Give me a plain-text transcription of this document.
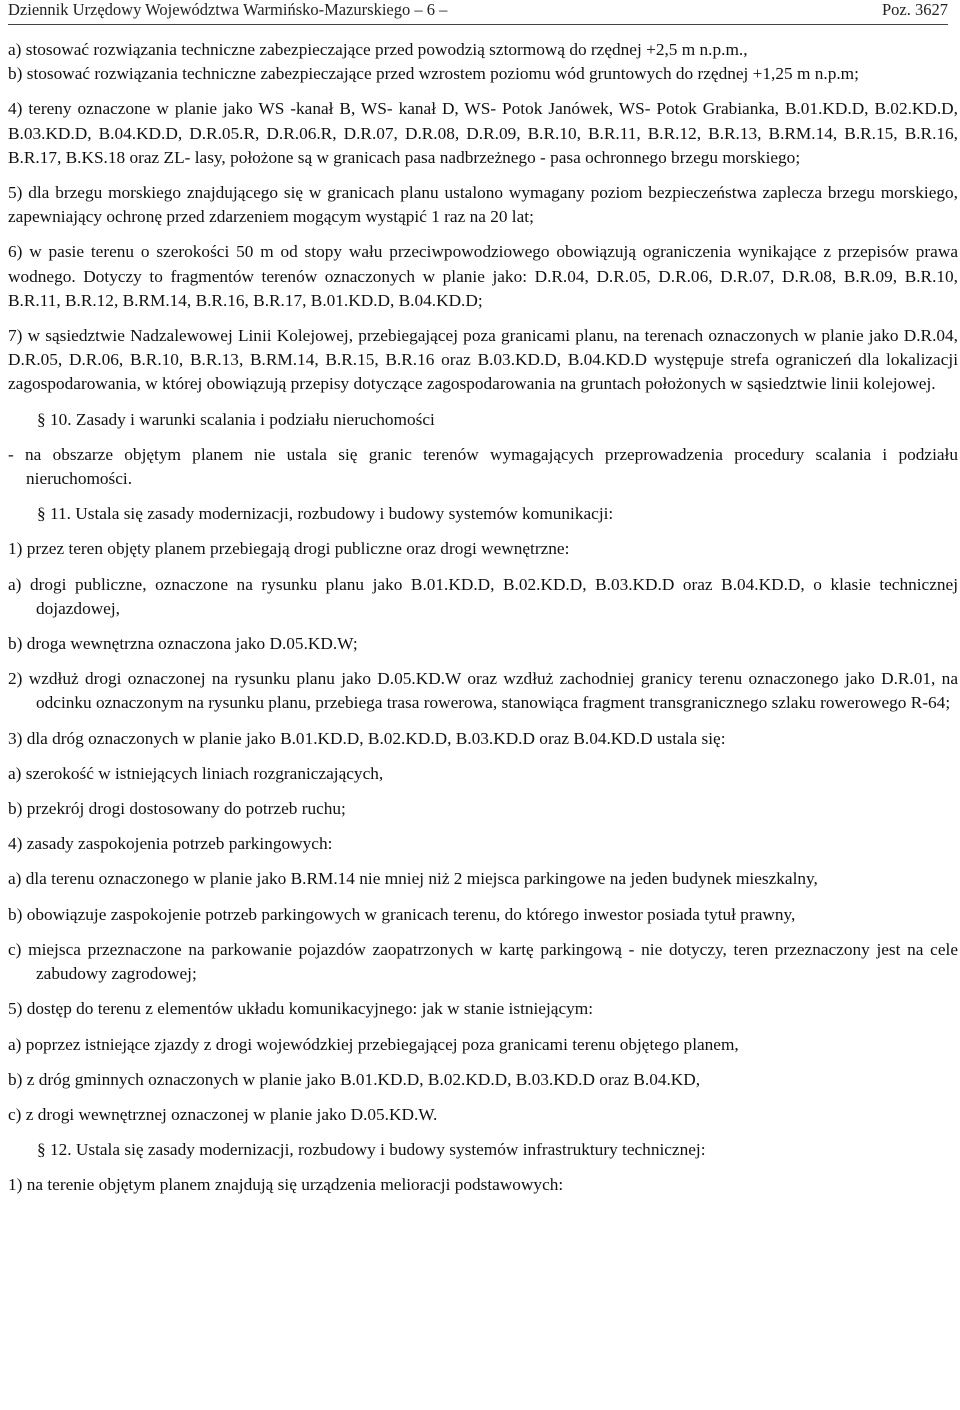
Dziennik Urzędowy Województwa Warmińsko-Mazurskiego – 6 –	Poz. 3627

a) stosować rozwiązania techniczne zabezpieczające przed powodzią sztormową do rzędnej +2,5 m n.p.m.,

b) stosować rozwiązania techniczne zabezpieczające przed wzrostem poziomu wód gruntowych do rzędnej +1,25 m n.p.m;

4) tereny oznaczone w planie jako WS -kanał B, WS- kanał D, WS- Potok Janówek, WS- Potok Grabianka, B.01.KD.D, B.02.KD.D, B.03.KD.D, B.04.KD.D, D.R.05.R, D.R.06.R, D.R.07, D.R.08, D.R.09, B.R.10, B.R.11, B.R.12, B.R.13, B.RM.14, B.R.15, B.R.16, B.R.17, B.KS.18 oraz ZL- lasy, położone są w granicach pasa nadbrzeżnego - pasa ochronnego brzegu morskiego;

5) dla brzegu morskiego znajdującego się w granicach planu ustalono wymagany poziom bezpieczeństwa zaplecza brzegu morskiego, zapewniający ochronę przed zdarzeniem mogącym wystąpić 1 raz na 20 lat;

6) w pasie terenu o szerokości 50 m od stopy wału przeciwpowodziowego obowiązują ograniczenia wynikające z przepisów prawa wodnego. Dotyczy to fragmentów terenów oznaczonych w planie jako: D.R.04, D.R.05, D.R.06, D.R.07, D.R.08, B.R.09, B.R.10, B.R.11, B.R.12, B.RM.14, B.R.16, B.R.17, B.01.KD.D, B.04.KD.D;

7) w sąsiedztwie Nadzalewowej Linii Kolejowej, przebiegającej poza granicami planu, na terenach oznaczonych w planie jako D.R.04, D.R.05, D.R.06, B.R.10, B.R.13, B.RM.14, B.R.15, B.R.16 oraz B.03.KD.D, B.04.KD.D występuje strefa ograniczeń dla lokalizacji zagospodarowania, w której obowiązują przepisy dotyczące zagospodarowania na gruntach położonych w sąsiedztwie linii kolejowej.

§ 10. Zasady i warunki scalania i podziału nieruchomości

- na obszarze objętym planem nie ustala się granic terenów wymagających przeprowadzenia procedury scalania i podziału nieruchomości.

§ 11. Ustala się zasady modernizacji, rozbudowy i budowy systemów komunikacji:

1) przez teren objęty planem przebiegają drogi publiczne oraz drogi wewnętrzne:

a) drogi publiczne, oznaczone na rysunku planu jako B.01.KD.D, B.02.KD.D, B.03.KD.D oraz B.04.KD.D, o klasie technicznej dojazdowej,

b) droga wewnętrzna oznaczona jako D.05.KD.W;

2) wzdłuż drogi oznaczonej na rysunku planu jako D.05.KD.W oraz wzdłuż zachodniej granicy terenu oznaczonego jako D.R.01, na odcinku oznaczonym na rysunku planu, przebiega trasa rowerowa, stanowiąca fragment transgranicznego szlaku rowerowego R-64;

3) dla dróg oznaczonych w planie jako B.01.KD.D, B.02.KD.D, B.03.KD.D oraz B.04.KD.D ustala się:

a) szerokość w istniejących liniach rozgraniczających,

b) przekrój drogi dostosowany do potrzeb ruchu;

4) zasady zaspokojenia potrzeb parkingowych:

a) dla terenu oznaczonego w planie jako B.RM.14 nie mniej niż 2 miejsca parkingowe na jeden budynek mieszkalny,

b) obowiązuje zaspokojenie potrzeb parkingowych w granicach terenu, do którego inwestor posiada tytuł prawny,

c) miejsca przeznaczone na parkowanie pojazdów zaopatrzonych w kartę parkingową - nie dotyczy, teren przeznaczony jest na cele zabudowy zagrodowej;

5) dostęp do terenu z elementów układu komunikacyjnego: jak w stanie istniejącym:

a) poprzez istniejące zjazdy z drogi wojewódzkiej przebiegającej poza granicami terenu objętego planem,

b) z dróg gminnych oznaczonych w planie jako B.01.KD.D, B.02.KD.D, B.03.KD.D oraz B.04.KD,

c) z drogi wewnętrznej oznaczonej w planie jako D.05.KD.W.

§ 12. Ustala się zasady modernizacji, rozbudowy i budowy systemów infrastruktury technicznej:

1) na terenie objętym planem znajdują się urządzenia melioracji podstawowych:
